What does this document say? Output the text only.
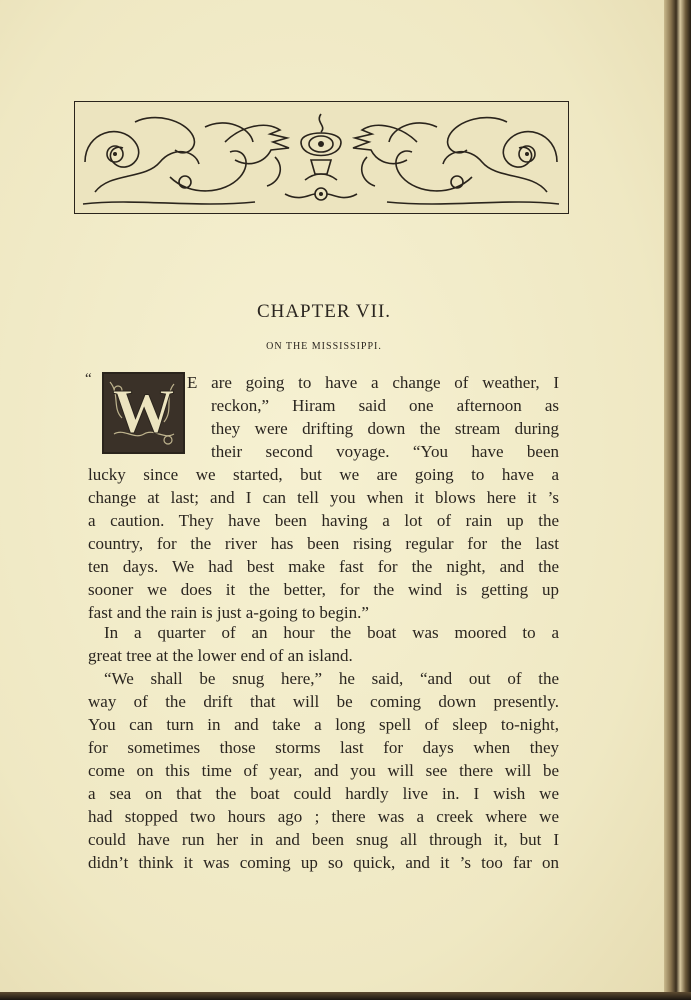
CHAPTER VII.
ON THE MISSISSIPPI.
“ W E are going to have a change of weather, I
reckon,” Hiram said one afternoon as
they were drifting down the stream during
their second voyage. “You have been
lucky since we started, but we are going to have a
change at last; and I can tell you when it blows here it ’s
a caution. They have been having a lot of rain up the
country, for the river has been rising regular for the last
ten days. We had best make fast for the night, and the
sooner we does it the better, for the wind is getting up
fast and the rain is just a-going to begin.”
In a quarter of an hour the boat was moored to a
great tree at the lower end of an island.
“We shall be snug here,” he said, “and out of the
way of the drift that will be coming down presently.
You can turn in and take a long spell of sleep to-night,
for sometimes those storms last for days when they
come on this time of year, and you will see there will be
a sea on that the boat could hardly live in. I wish we
had stopped two hours ago ; there was a creek where we
could have run her in and been snug all through it, but I
didn’t think it was coming up so quick, and it ’s too far on
